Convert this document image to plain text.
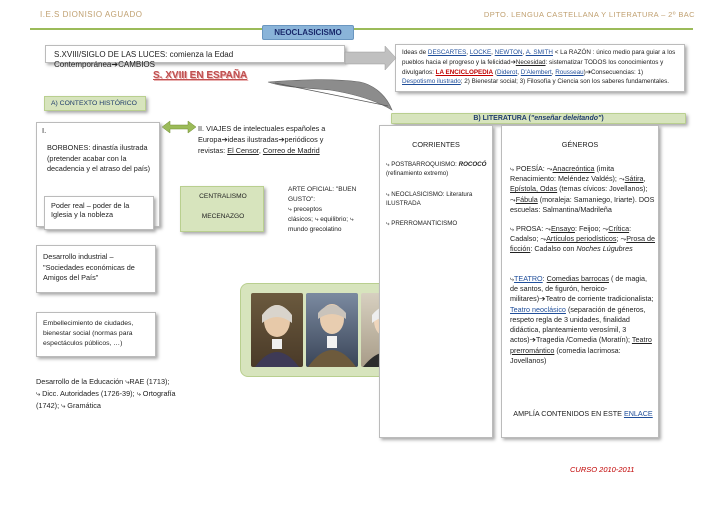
I.E.S DIONISIO AGUADO	DPTO. LENGUA CASTELLANA Y LITERATURA – 2º BAC
NEOCLASICISMO
S.XVIII/SIGLO DE LAS LUCES: comienza la Edad Contemporánea➔CAMBIOS
Ideas de DESCARTES, LOCKE, NEWTON, A. SMITH < La RAZÓN : único medio para guiar a los pueblos hacia el progreso y la felicidad➔Necesidad: sistematizar TODOS los conocimientos y divulgarlos: LA ENCICLOPEDIA (Diderot, D'Alembert, Rousseau)➔Consecuencias: 1) Despotismo ilustrado; 2) Bienestar social; 3) Filosofía y Ciencia son los saberes fundamentales.
S. XVIII EN ESPAÑA
A) CONTEXTO HISTÓRICO
B) LITERATURA ("enseñar deleitando")

I.

BORBONES: dinastía ilustrada (pretender acabar con la decadencia y el atraso del país)

Poder real – poder de la Iglesia y la nobleza
II. VIAJES de intelectuales españoles a
Europa➔ideas ilustradas➔periódicos y
revistas: El Censor, Correo de Madrid
CENTRALISMO
MECENAZGO
ARTE OFICIAL: "BUEN GUSTO":
⤷ preceptos
clásicos; ⤷ equilibrio; ⤷ mundo grecolatino
Desarrollo industrial – "Sociedades económicas de Amigos del País"
Embellecimiento de ciudades, bienestar social (normas para espectáculos públicos, …)
Desarrollo de la Educación ⤷RAE (1713);
⤷ Dicc. Autoridades (1726-39); ⤷ Ortografía (1742); ⤷ Gramática
CORRIENTES
⤷ POSTBARROQUISMO: ROCOCÓ
(refinamiento extremo)
⤷ NEOCLASICISMO: Literatura ILUSTRADA
⤷ PRERROMANTICISMO
GÉNEROS
⤷ POESÍA: ⤳Anacreóntica (imita Renacimiento: Meléndez Valdés); ⤳Sátira, Epístola, Odas (temas cívicos: Jovellanos);
⤳Fábula (moraleja: Samaniego, Iriarte). DOS escuelas: Salmantina/Madrileña
⤷ PROSA: ⤳Ensayo: Feijoo; ⤳Crítica: Cadalso; ⤳Artículos periodísticos; ⤳Prosa de ficción: Cadalso con Noches Lúgubres
⤷TEATRO: Comedias barrocas ( de magia, de santos, de figurón, heroico-militares)➔Teatro de corriente tradicionalista; Teatro neoclásico (separación de géneros, respeto regla de 3 unidades, finalidad didáctica, planteamiento verosímil, 3 actos)➔Tragedia /Comedia (Moratín); Teatro prerromántico (comedia lacrimosa: Jovellanos)
AMPLÍA CONTENIDOS EN ESTE ENLACE
CURSO 2010-2011
